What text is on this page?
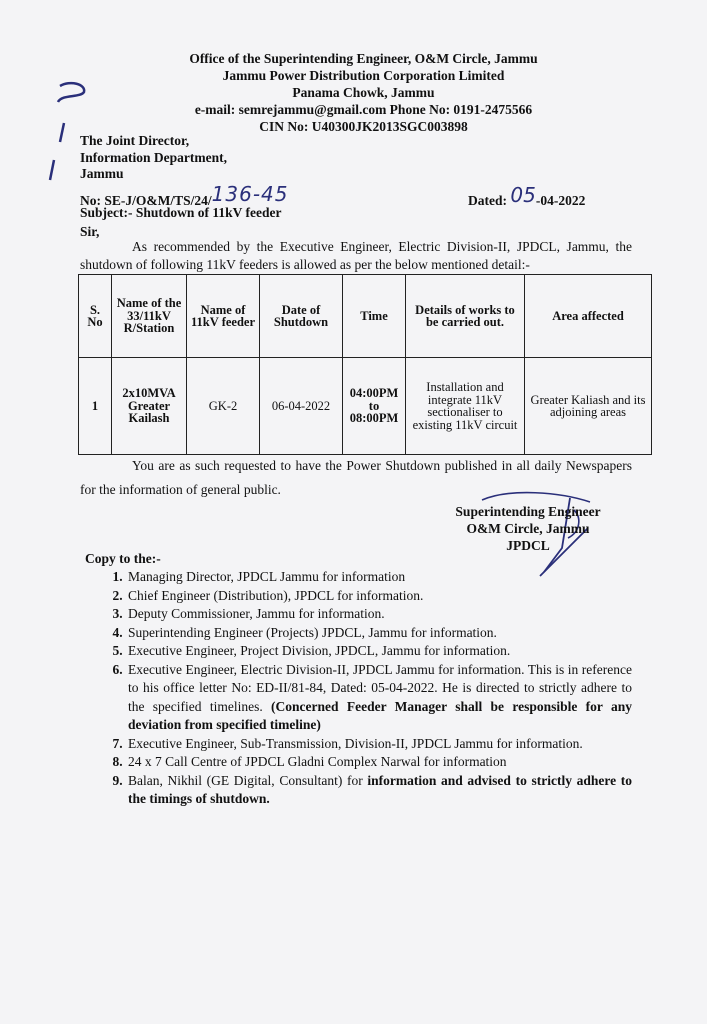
Office of the Superintending Engineer, O&M Circle, Jammu
Jammu Power Distribution Corporation Limited
Panama Chowk, Jammu
e-mail: semrejammu@gmail.com Phone No: 0191-2475566
CIN No: U40300JK2013SGC003898
The Joint Director,
Information Department,
Jammu
No: SE-J/O&M/TS/24/136-45	Dated: 05-04-2022
Subject:- Shutdown of 11kV feeder
Sir,
As recommended by the Executive Engineer, Electric Division-II, JPDCL, Jammu, the shutdown of following 11kV feeders is allowed as per the below mentioned detail:-
S. No	Name of the 33/11kV R/Station	Name of 11kV feeder	Date of Shutdown	Time	Details of works to be carried out.	Area affected
1	2x10MVA Greater Kailash	GK-2	06-04-2022	04:00PM
to
08:00PM	Installation and integrate 11kV sectionaliser to existing 11kV circuit	Greater Kaliash and its adjoining areas
You are as such requested to have the Power Shutdown published in all daily Newspapers for the information of general public.
Superintending Engineer
O&M Circle, Jammu
JPDCL
Copy to the:-
1. Managing Director, JPDCL Jammu for information
2. Chief Engineer (Distribution), JPDCL for information.
3. Deputy Commissioner, Jammu for information.
4. Superintending Engineer (Projects) JPDCL, Jammu for information.
5. Executive Engineer, Project Division, JPDCL, Jammu for information.
6. Executive Engineer, Electric Division-II, JPDCL Jammu for information. This is in reference to his office letter No: ED-II/81-84, Dated: 05-04-2022. He is directed to strictly adhere to the specified timelines. (Concerned Feeder Manager shall be responsible for any deviation from specified timeline)
7. Executive Engineer, Sub-Transmission, Division-II, JPDCL Jammu for information.
8. 24 x 7 Call Centre of JPDCL Gladni Complex Narwal for information
9. Balan, Nikhil (GE Digital, Consultant) for information and advised to strictly adhere to the timings of shutdown.
